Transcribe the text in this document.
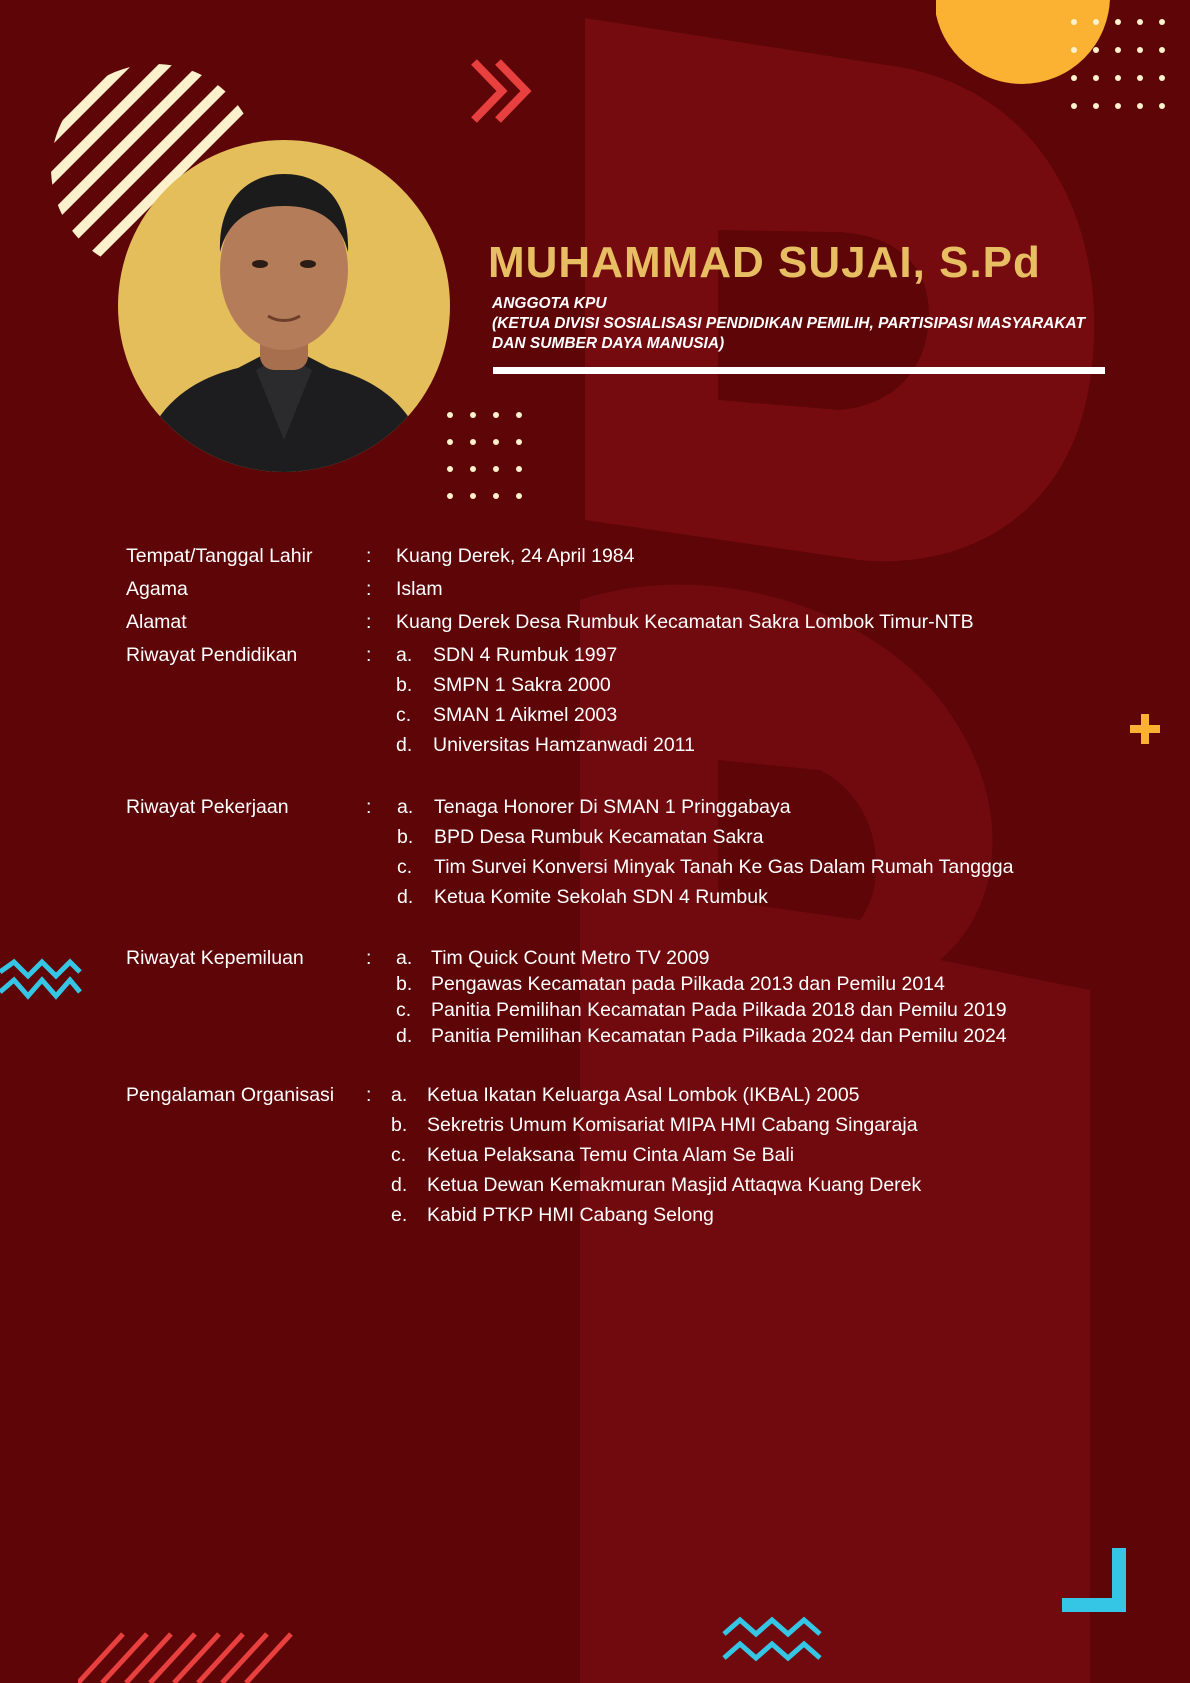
MUHAMMAD SUJAI, S.Pd
ANGGOTA KPU
(KETUA DIVISI SOSIALISASI PENDIDIKAN PEMILIH, PARTISIPASI MASYARAKAT
DAN SUMBER DAYA MANUSIA)
Tempat/Tanggal Lahir	: Kuang Derek, 24 April 1984
Agama	: Islam
Alamat	: Kuang Derek Desa Rumbuk Kecamatan Sakra Lombok Timur-NTB
Riwayat Pendidikan	: a. SDN 4 Rumbuk 1997
b. SMPN 1 Sakra 2000
c. SMAN 1 Aikmel 2003
d. Universitas Hamzanwadi 2011
Riwayat Pekerjaan	: a. Tenaga Honorer Di SMAN 1 Pringgabaya
b. BPD Desa Rumbuk Kecamatan Sakra
c. Tim Survei Konversi Minyak Tanah Ke Gas Dalam Rumah Tanggga
d. Ketua Komite Sekolah SDN 4 Rumbuk
Riwayat Kepemiluan	: a. Tim Quick Count Metro TV 2009
b. Pengawas Kecamatan pada Pilkada 2013 dan Pemilu 2014
c. Panitia Pemilihan Kecamatan Pada Pilkada 2018 dan Pemilu 2019
d. Panitia Pemilihan Kecamatan Pada Pilkada 2024 dan Pemilu 2024
Pengalaman Organisasi : a. Ketua Ikatan Keluarga Asal Lombok (IKBAL) 2005
b. Sekretris Umum Komisariat MIPA HMI Cabang Singaraja
c. Ketua Pelaksana Temu Cinta Alam Se Bali
d. Ketua Dewan Kemakmuran Masjid Attaqwa Kuang Derek
e. Kabid PTKP HMI Cabang Selong
